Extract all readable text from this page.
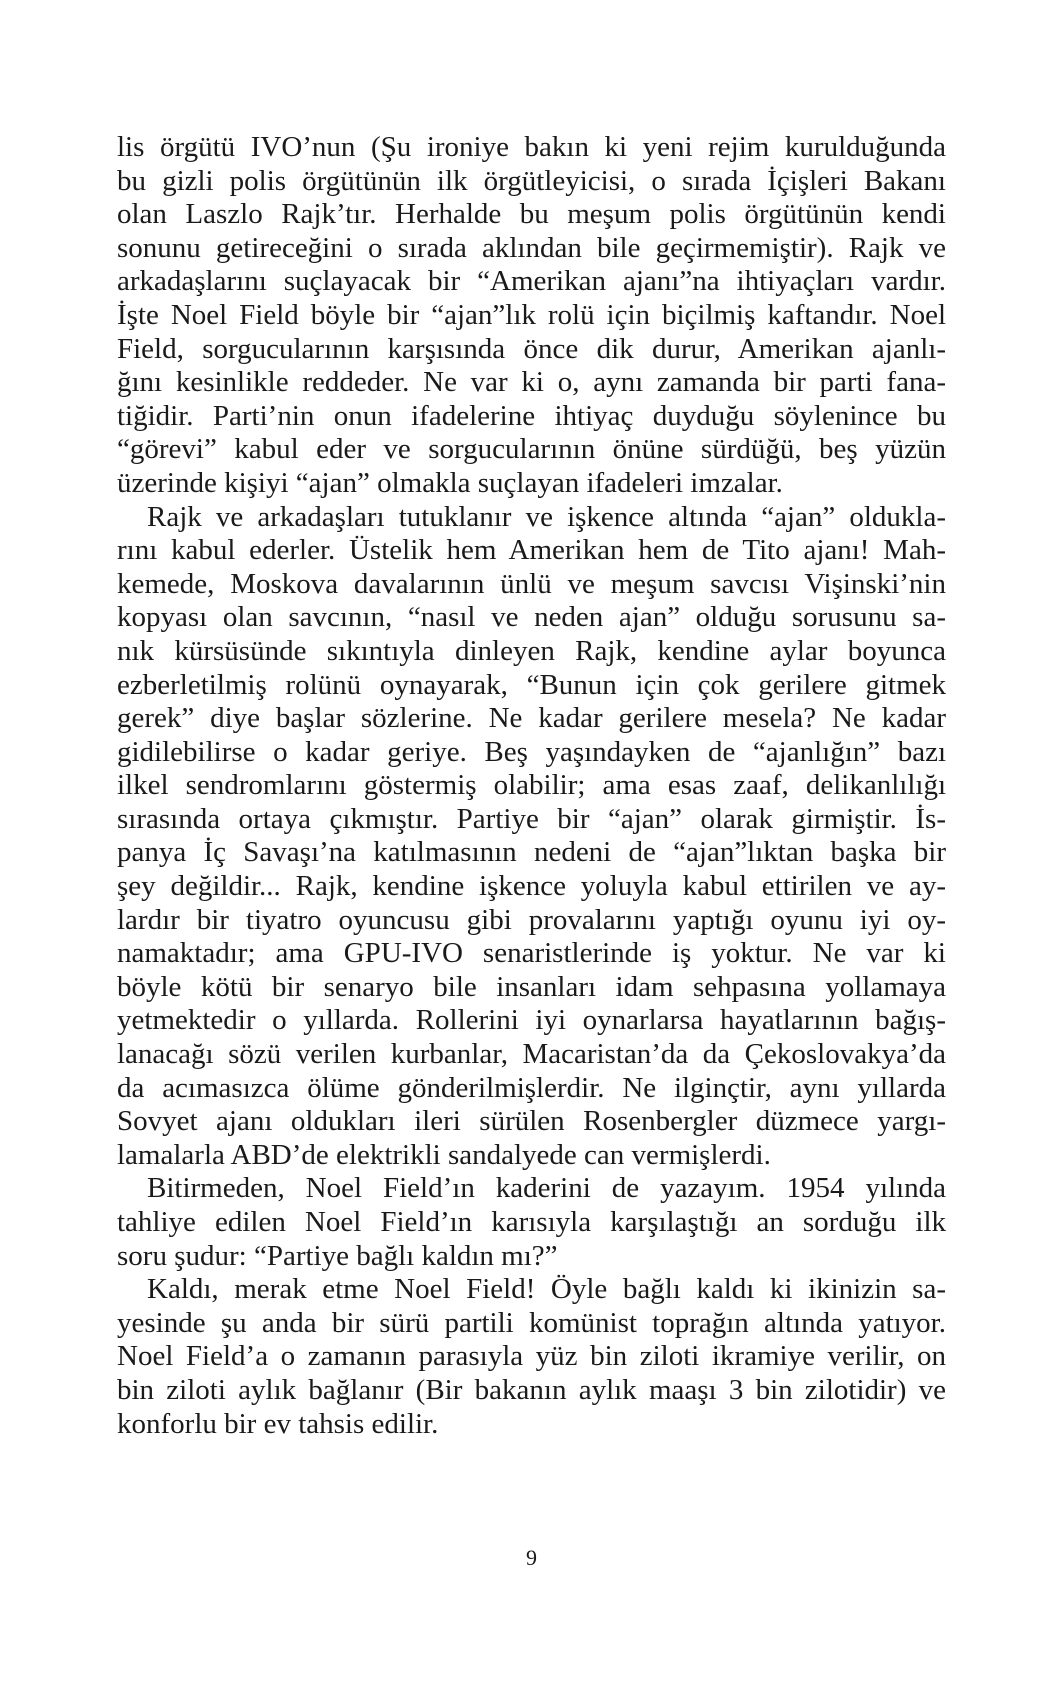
lis örgütü IVO’nun (Şu ironiye bakın ki yeni rejim kurulduğunda
bu gizli polis örgütünün ilk örgütleyicisi, o sırada İçişleri Bakanı
olan Laszlo Rajk’tır. Herhalde bu meşum polis örgütünün kendi
sonunu getireceğini o sırada aklından bile geçirmemiştir). Rajk ve
arkadaşlarını suçlayacak bir “Amerikan ajanı”na ihtiyaçları vardır.
İşte Noel Field böyle bir “ajan”lık rolü için biçilmiş kaftandır. Noel
Field, sorgucularının karşısında önce dik durur, Amerikan ajanlı-
ğını kesinlikle reddeder. Ne var ki o, aynı zamanda bir parti fana-
tiğidir. Parti’nin onun ifadelerine ihtiyaç duyduğu söylenince bu
“görevi” kabul eder ve sorgucularının önüne sürdüğü, beş yüzün
üzerinde kişiyi “ajan” olmakla suçlayan ifadeleri imzalar.
Rajk ve arkadaşları tutuklanır ve işkence altında “ajan” oldukla-
rını kabul ederler. Üstelik hem Amerikan hem de Tito ajanı! Mah-
kemede, Moskova davalarının ünlü ve meşum savcısı Vişinski’nin
kopyası olan savcının, “nasıl ve neden ajan” olduğu sorusunu sa-
nık kürsüsünde sıkıntıyla dinleyen Rajk, kendine aylar boyunca
ezberletilmiş rolünü oynayarak, “Bunun için çok gerilere gitmek
gerek” diye başlar sözlerine. Ne kadar gerilere mesela? Ne kadar
gidilebilirse o kadar geriye. Beş yaşındayken de “ajanlığın” bazı
ilkel sendromlarını göstermiş olabilir; ama esas zaaf, delikanlılığı
sırasında ortaya çıkmıştır. Partiye bir “ajan” olarak girmiştir. İs-
panya İç Savaşı’na katılmasının nedeni de “ajan”lıktan başka bir
şey değildir... Rajk, kendine işkence yoluyla kabul ettirilen ve ay-
lardır bir tiyatro oyuncusu gibi provalarını yaptığı oyunu iyi oy-
namaktadır; ama GPU-IVO senaristlerinde iş yoktur. Ne var ki
böyle kötü bir senaryo bile insanları idam sehpasına yollamaya
yetmektedir o yıllarda. Rollerini iyi oynarlarsa hayatlarının bağış-
lanacağı sözü verilen kurbanlar, Macaristan’da da Çekoslovakya’da
da acımasızca ölüme gönderilmişlerdir. Ne ilginçtir, aynı yıllarda
Sovyet ajanı oldukları ileri sürülen Rosenbergler düzmece yargı-
lamalarla ABD’de elektrikli sandalyede can vermişlerdi.
Bitirmeden, Noel Field’ın kaderini de yazayım. 1954 yılında
tahliye edilen Noel Field’ın karısıyla karşılaştığı an sorduğu ilk
soru şudur: “Partiye bağlı kaldın mı?”
Kaldı, merak etme Noel Field! Öyle bağlı kaldı ki ikinizin sa-
yesinde şu anda bir sürü partili komünist toprağın altında yatıyor.
Noel Field’a o zamanın parasıyla yüz bin ziloti ikramiye verilir, on
bin ziloti aylık bağlanır (Bir bakanın aylık maaşı 3 bin zilotidir) ve
konforlu bir ev tahsis edilir.
9
